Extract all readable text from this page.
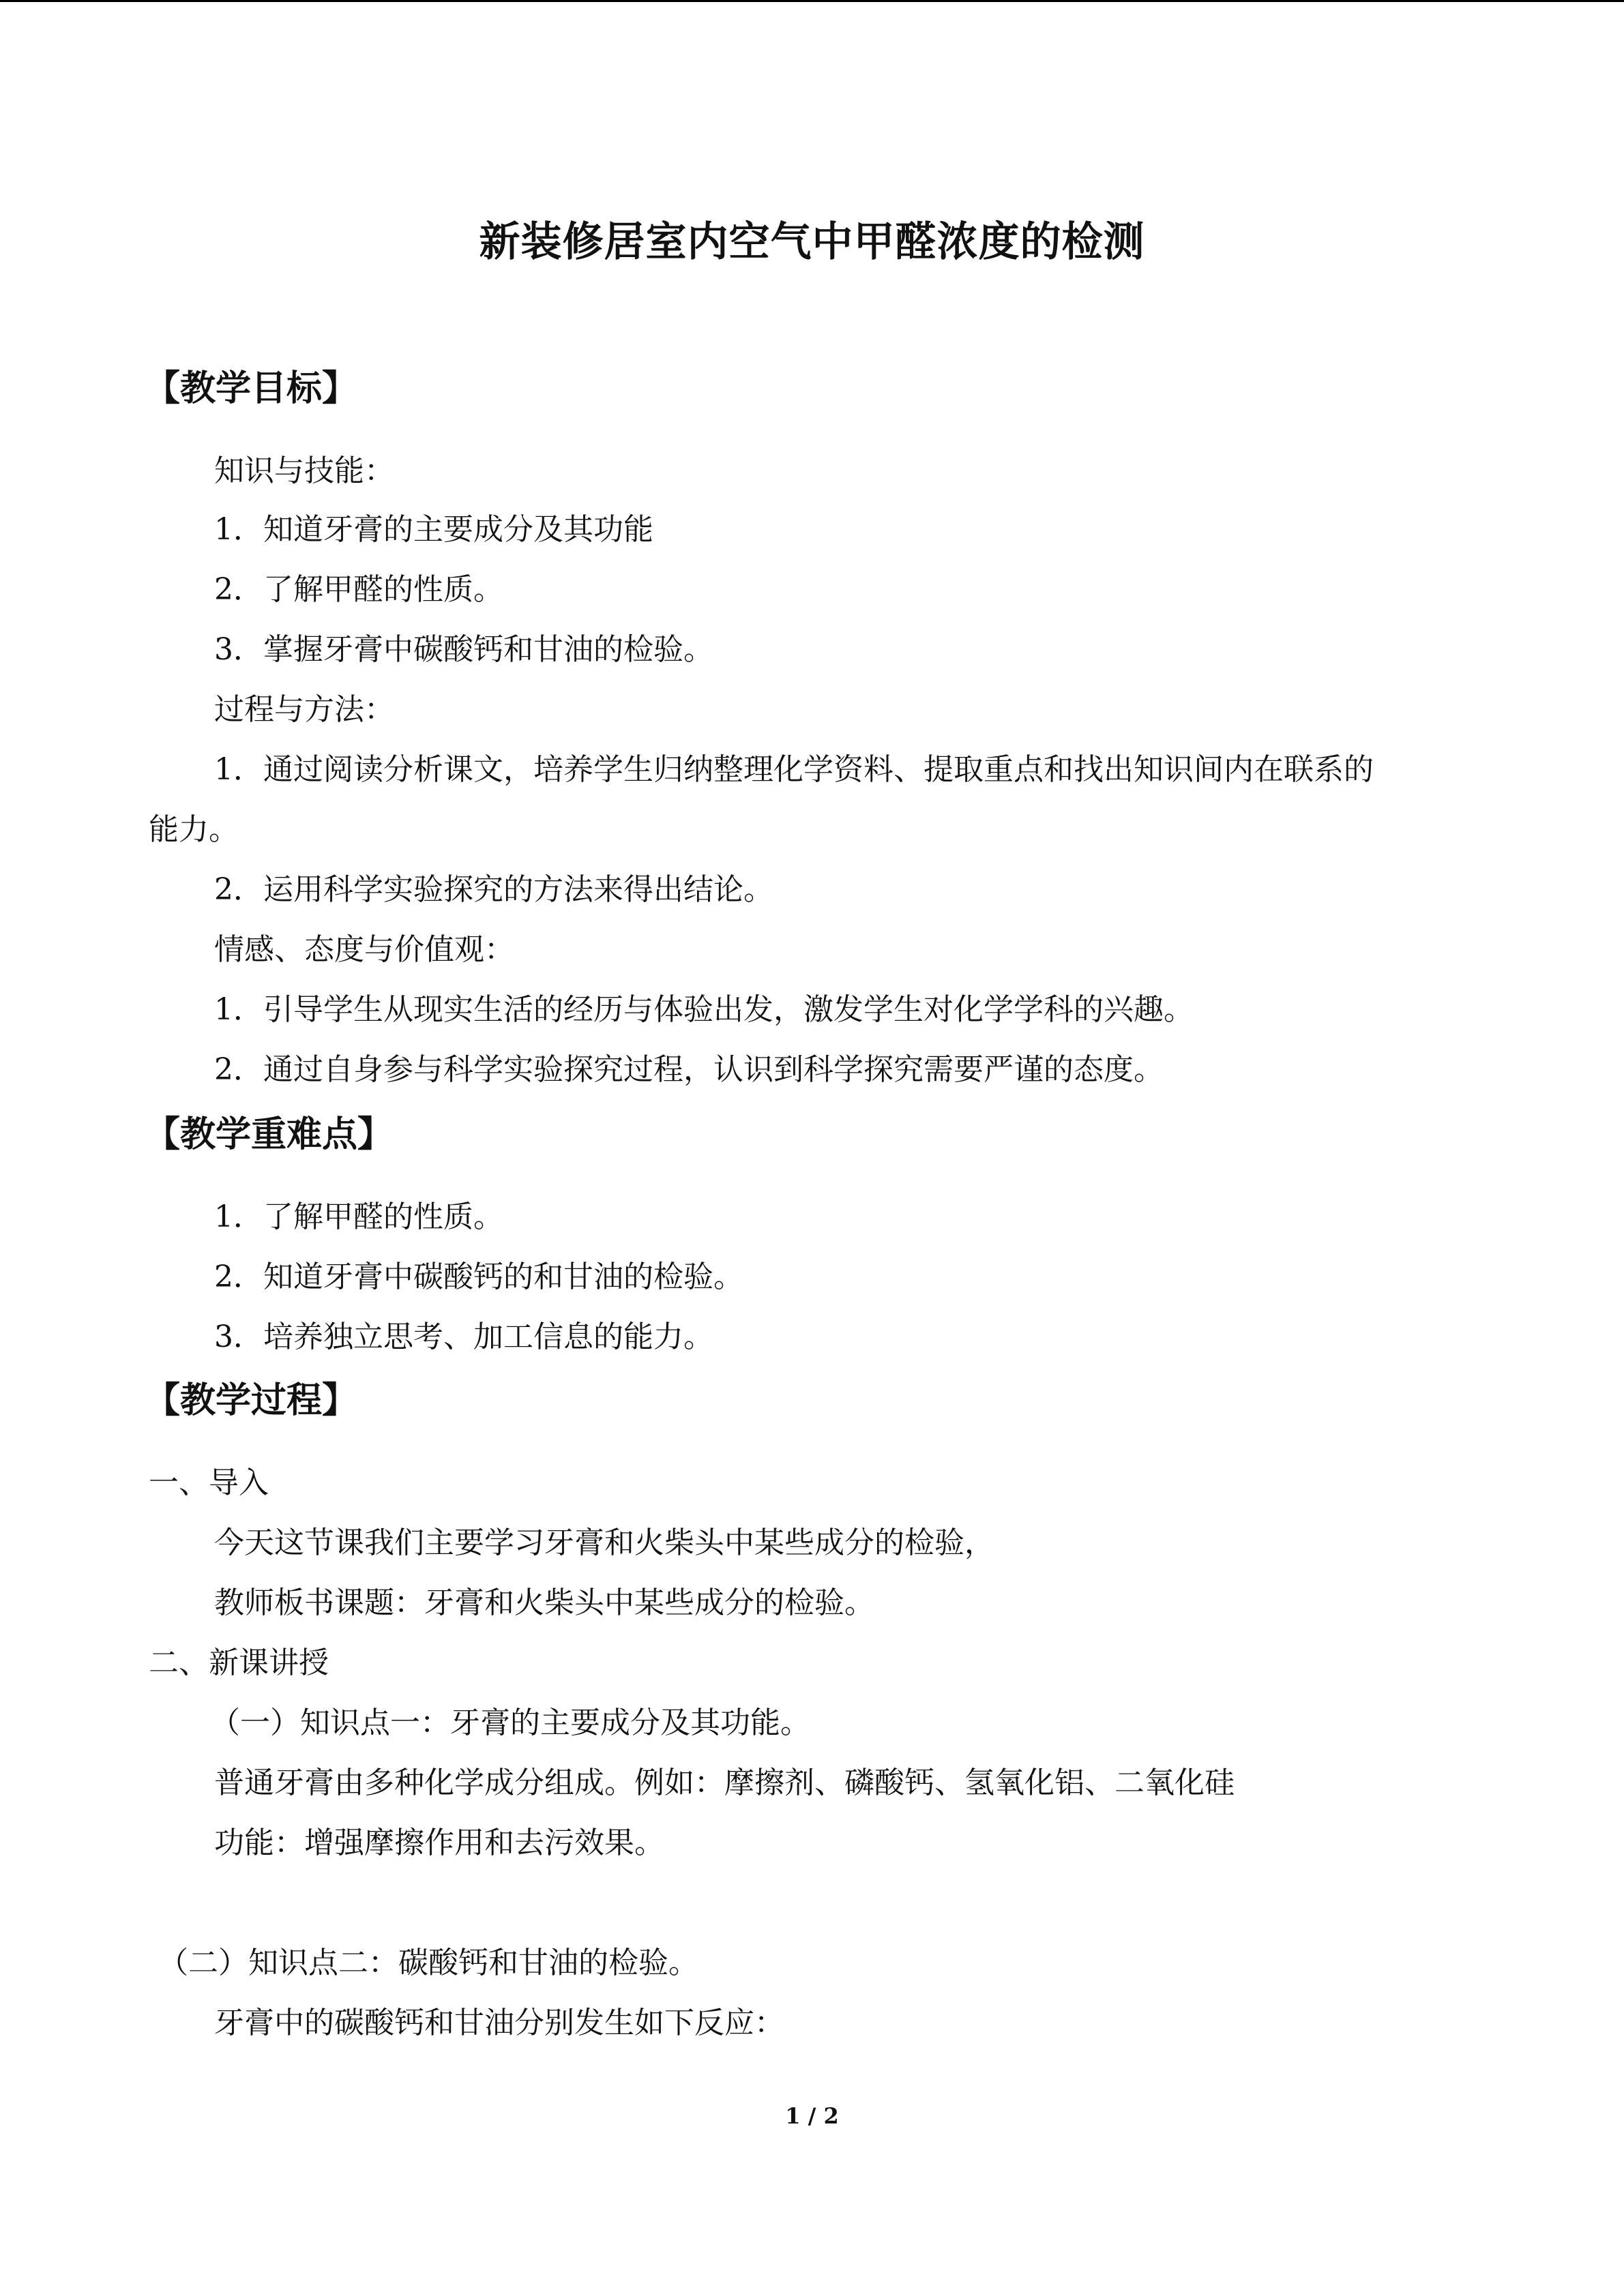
新装修居室内空气中甲醛浓度的检测
【教学目标】
知识与技能：
1．知道牙膏的主要成分及其功能
2．了解甲醛的性质。
3．掌握牙膏中碳酸钙和甘油的检验。
过程与方法：
1．通过阅读分析课文，培养学生归纳整理化学资料、提取重点和找出知识间内在联系的
能力。
2．运用科学实验探究的方法来得出结论。
情感、态度与价值观：
1．引导学生从现实生活的经历与体验出发，激发学生对化学学科的兴趣。
2．通过自身参与科学实验探究过程，认识到科学探究需要严谨的态度。
【教学重难点】
1．了解甲醛的性质。
2．知道牙膏中碳酸钙的和甘油的检验。
3．培养独立思考、加工信息的能力。
【教学过程】
一、导入
今天这节课我们主要学习牙膏和火柴头中某些成分的检验，
教师板书课题：牙膏和火柴头中某些成分的检验。
二、新课讲授
（一）知识点一：牙膏的主要成分及其功能。
普通牙膏由多种化学成分组成。例如：摩擦剂、磷酸钙、氢氧化铝、二氧化硅
功能：增强摩擦作用和去污效果。
（二）知识点二：碳酸钙和甘油的检验。
牙膏中的碳酸钙和甘油分别发生如下反应：
1 / 2
